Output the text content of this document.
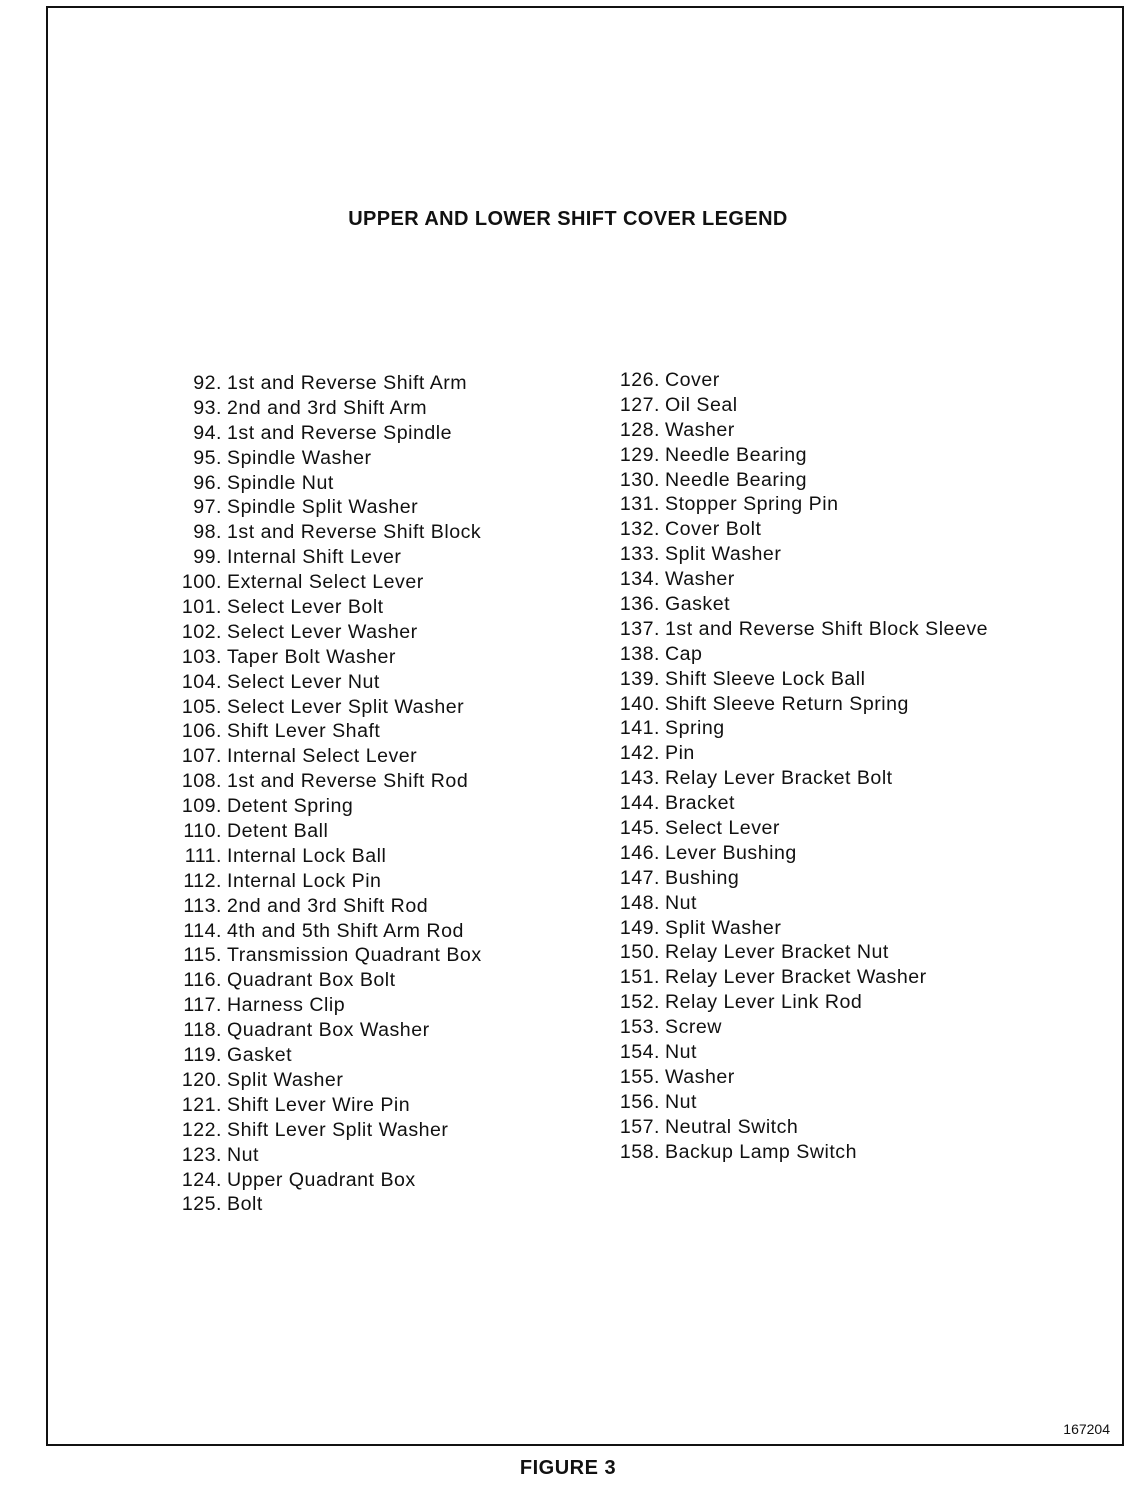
UPPER AND LOWER SHIFT COVER LEGEND
92. 1st and Reverse Shift Arm
93. 2nd and 3rd Shift Arm
94. 1st and Reverse Spindle
95. Spindle Washer
96. Spindle Nut
97. Spindle Split Washer
98. 1st and Reverse Shift Block
99. Internal Shift Lever
100. External Select Lever
101. Select Lever Bolt
102. Select Lever Washer
103. Taper Bolt Washer
104. Select Lever Nut
105. Select Lever Split Washer
106. Shift Lever Shaft
107. Internal Select Lever
108. 1st and Reverse Shift Rod
109. Detent Spring
110. Detent Ball
111. Internal Lock Ball
112. Internal Lock Pin
113. 2nd and 3rd Shift Rod
114. 4th and 5th Shift Arm Rod
115. Transmission Quadrant Box
116. Quadrant Box Bolt
117. Harness Clip
118. Quadrant Box Washer
119. Gasket
120. Split Washer
121. Shift Lever Wire Pin
122. Shift Lever Split Washer
123. Nut
124. Upper Quadrant Box
125. Bolt
126. Cover
127. Oil Seal
128. Washer
129. Needle Bearing
130. Needle Bearing
131. Stopper Spring Pin
132. Cover Bolt
133. Split Washer
134. Washer
136. Gasket
137. 1st and Reverse Shift Block Sleeve
138. Cap
139. Shift Sleeve Lock Ball
140. Shift Sleeve Return Spring
141. Spring
142. Pin
143. Relay Lever Bracket Bolt
144. Bracket
145. Select Lever
146. Lever Bushing
147. Bushing
148. Nut
149. Split Washer
150. Relay Lever Bracket Nut
151. Relay Lever Bracket Washer
152. Relay Lever Link Rod
153. Screw
154. Nut
155. Washer
156. Nut
157. Neutral Switch
158. Backup Lamp Switch
167204
FIGURE 3
